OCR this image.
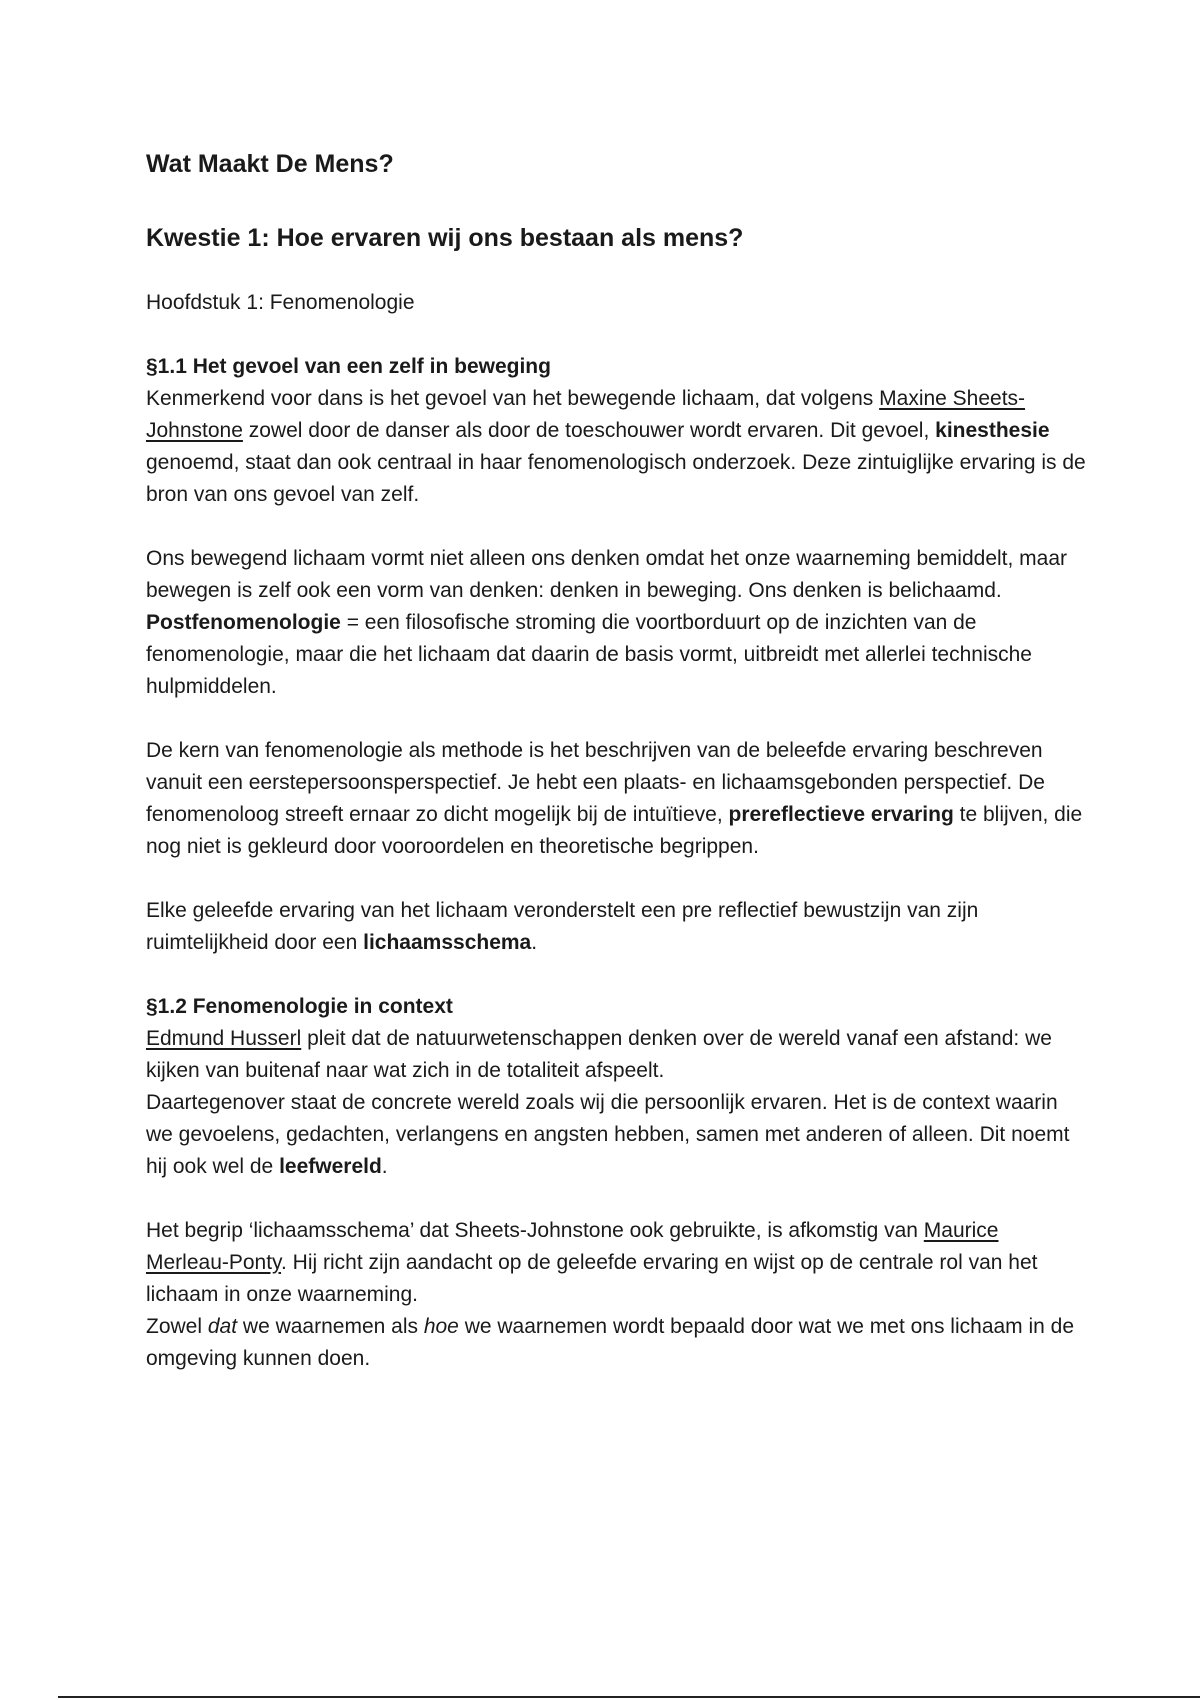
Wat Maakt De Mens?
Kwestie 1: Hoe ervaren wij ons bestaan als mens?
Hoofdstuk 1: Fenomenologie

§1.1 Het gevoel van een zelf in beweging

Kenmerkend voor dans is het gevoel van het bewegende lichaam, dat volgens Maxine Sheets-Johnstone zowel door de danser als door de toeschouwer wordt ervaren. Dit gevoel, kinesthesie genoemd, staat dan ook centraal in haar fenomenologisch onderzoek. Deze zintuiglijke ervaring is de bron van ons gevoel van zelf.

Ons bewegend lichaam vormt niet alleen ons denken omdat het onze waarneming bemiddelt, maar bewegen is zelf ook een vorm van denken: denken in beweging. Ons denken is belichaamd.

Postfenomenologie = een filosofische stroming die voortborduurt op de inzichten van de fenomenologie, maar die het lichaam dat daarin de basis vormt, uitbreidt met allerlei technische hulpmiddelen.

De kern van fenomenologie als methode is het beschrijven van de beleefde ervaring beschreven vanuit een eerstepersoonsperspectief. Je hebt een plaats- en lichaamsgebonden perspectief. De fenomenoloog streeft ernaar zo dicht mogelijk bij de intuïtieve, prereflectieve ervaring te blijven, die nog niet is gekleurd door vooroordelen en theoretische begrippen.

Elke geleefde ervaring van het lichaam veronderstelt een pre reflectief bewustzijn van zijn ruimtelijkheid door een lichaamsschema.

§1.2 Fenomenologie in context

Edmund Husserl pleit dat de natuurwetenschappen denken over de wereld vanaf een afstand: we kijken van buitenaf naar wat zich in de totaliteit afspeelt.

Daartegenover staat de concrete wereld zoals wij die persoonlijk ervaren. Het is de context waarin we gevoelens, gedachten, verlangens en angsten hebben, samen met anderen of alleen. Dit noemt hij ook wel de leefwereld.

Het begrip ‘lichaamsschema’ dat Sheets-Johnstone ook gebruikte, is afkomstig van Maurice Merleau-Ponty. Hij richt zijn aandacht op de geleefde ervaring en wijst op de centrale rol van het lichaam in onze waarneming.

Zowel dat we waarnemen als hoe we waarnemen wordt bepaald door wat we met ons lichaam in de omgeving kunnen doen.
